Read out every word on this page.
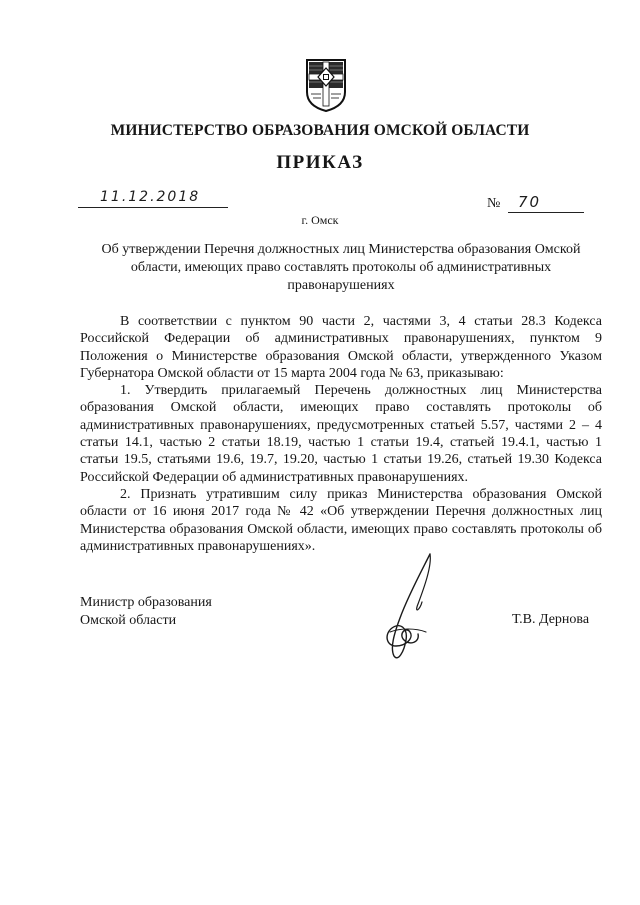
МИНИСТЕРСТВО ОБРАЗОВАНИЯ ОМСКОЙ ОБЛАСТИ
ПРИКАЗ
11.12.2018	№ 70
г. Омск
Об утверждении Перечня должностных лиц Министерства образования Омской области, имеющих право составлять протоколы об административных правонарушениях

В соответствии с пунктом 90 части 2, частями 3, 4 статьи 28.3 Кодекса Российской Федерации об административных правонарушениях, пунктом 9 Положения о Министерстве образования Омской области, утвержденного Указом Губернатора Омской области от 15 марта 2004 года № 63, приказываю:

1. Утвердить прилагаемый Перечень должностных лиц Министерства образования Омской области, имеющих право составлять протоколы об административных правонарушениях, предусмотренных статьей 5.57, частями 2 – 4 статьи 14.1, частью 2 статьи 18.19, частью 1 статьи 19.4, статьей 19.4.1, частью 1 статьи 19.5, статьями 19.6, 19.7, 19.20, частью 1 статьи 19.26, статьей 19.30 Кодекса Российской Федерации об административных правонарушениях.

2. Признать утратившим силу приказ Министерства образования Омской области от 16 июня 2017 года № 42 «Об утверждении Перечня должностных лиц Министерства образования Омской области, имеющих право составлять протоколы об административных правонарушениях».

Министр образования
Омской области	Т.В. Дернова
